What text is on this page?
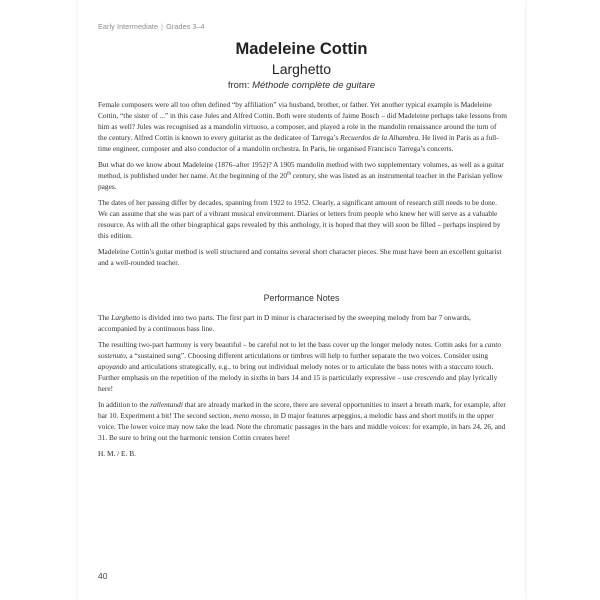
Early Intermediate | Grades 3–4
Madeleine Cottin
Larghetto
from: Méthode complète de guitare

Female composers were all too often defined “by affiliation” via husband, brother, or father. Yet another typical example is Madeleine Cottin, “the sister of ...” in this case Jules and Alfred Cottin. Both were students of Jaime Bosch – did Madeleine perhaps take lessons from him as well? Jules was recognised as a mandolin virtuoso, a composer, and played a role in the mandolin renaissance around the turn of the century. Alfred Cottin is known to every guitarist as the dedicatee of Tarrega’s Recuerdos de la Alhambra. He lived in Paris as a full-time engineer, composer and also conductor of a mandolin orchestra. In Paris, he organised Francisco Tarrega’s concerts.

But what do we know about Madeleine (1876–after 1952)? A 1905 mandolin method with two supplementary volumes, as well as a guitar method, is published under her name. At the beginning of the 20th century, she was listed as an instrumental teacher in the Parisian yellow pages.

The dates of her passing differ by decades, spanning from 1922 to 1952. Clearly, a significant amount of research still needs to be done. We can assume that she was part of a vibrant musical environment. Diaries or letters from people who knew her will serve as a valuable resource. As with all the other biographical gaps revealed by this anthology, it is hoped that they will soon be filled – perhaps inspired by this edition.

Madeleine Cottin’s guitar method is well structured and contains several short character pieces. She must have been an excellent guitarist and a well-rounded teacher.

Performance Notes

The Larghetto is divided into two parts. The first part in D minor is characterised by the sweeping melody from bar 7 onwards, accompanied by a continuous bass line.

The resulting two-part harmony is very beautiful – be careful not to let the bass cover up the longer melody notes. Cottin asks for a canto sostenuto, a “sustained song”. Choosing different articulations or timbres will help to further separate the two voices. Consider using apoyando and articulations strategically, e.g., to bring out individual melody notes or to articulate the bass notes with a staccato touch. Further emphasis on the repetition of the melody in sixths in bars 14 and 15 is particularly expressive – use crescendo and play lyrically here!

In addition to the rallentandi that are already marked in the score, there are several opportunities to insert a breath mark, for example, after bar 10. Experiment a bit! The second section, meno mosso, in D major features arpeggios, a melodic bass and short motifs in the upper voice. The lower voice may now take the lead. Note the chromatic passages in the bars and middle voices: for example, in bars 24, 26, and 31. Be sure to bring out the harmonic tension Cottin creates here!

H. M. / E. B.

40
